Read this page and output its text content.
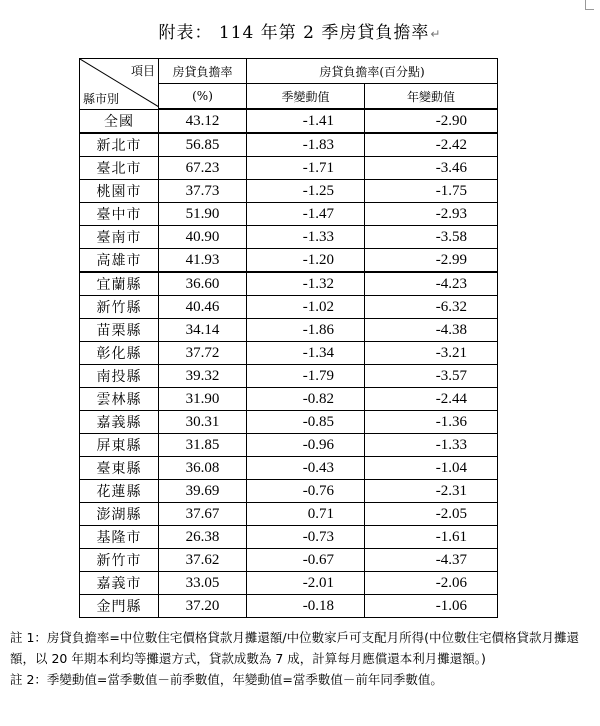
附表： 114 年第 2 季房貸負擔率↵
項目
縣市別	房貸負擔率	房貸負擔率(百分點)	
	(%)	季變動值	年變動值
全國	43.12	-1.41	-2.90
新北市	56.85	-1.83	-2.42
臺北市	67.23	-1.71	-3.46
桃園市	37.73	-1.25	-1.75
臺中市	51.90	-1.47	-2.93
臺南市	40.90	-1.33	-3.58
高雄市	41.93	-1.20	-2.99
宜蘭縣	36.60	-1.32	-4.23
新竹縣	40.46	-1.02	-6.32
苗栗縣	34.14	-1.86	-4.38
彰化縣	37.72	-1.34	-3.21
南投縣	39.32	-1.79	-3.57
雲林縣	31.90	-0.82	-2.44
嘉義縣	30.31	-0.85	-1.36
屏東縣	31.85	-0.96	-1.33
臺東縣	36.08	-0.43	-1.04
花蓮縣	39.69	-0.76	-2.31
澎湖縣	37.67	0.71	-2.05
基隆市	26.38	-0.73	-1.61
新竹市	37.62	-0.67	-4.37
嘉義市	33.05	-2.01	-2.06
金門縣	37.20	-0.18	-1.06

註 1：房貸負擔率=中位數住宅價格貸款月攤還額/中位數家戶可支配月所得(中位數住宅價格貸款月攤還額，以 20 年期本利均等攤還方式，貸款成數為 7 成，計算每月應償還本利月攤還額。)

註 2：季變動值=當季數值－前季數值，年變動值=當季數值－前年同季數值。
